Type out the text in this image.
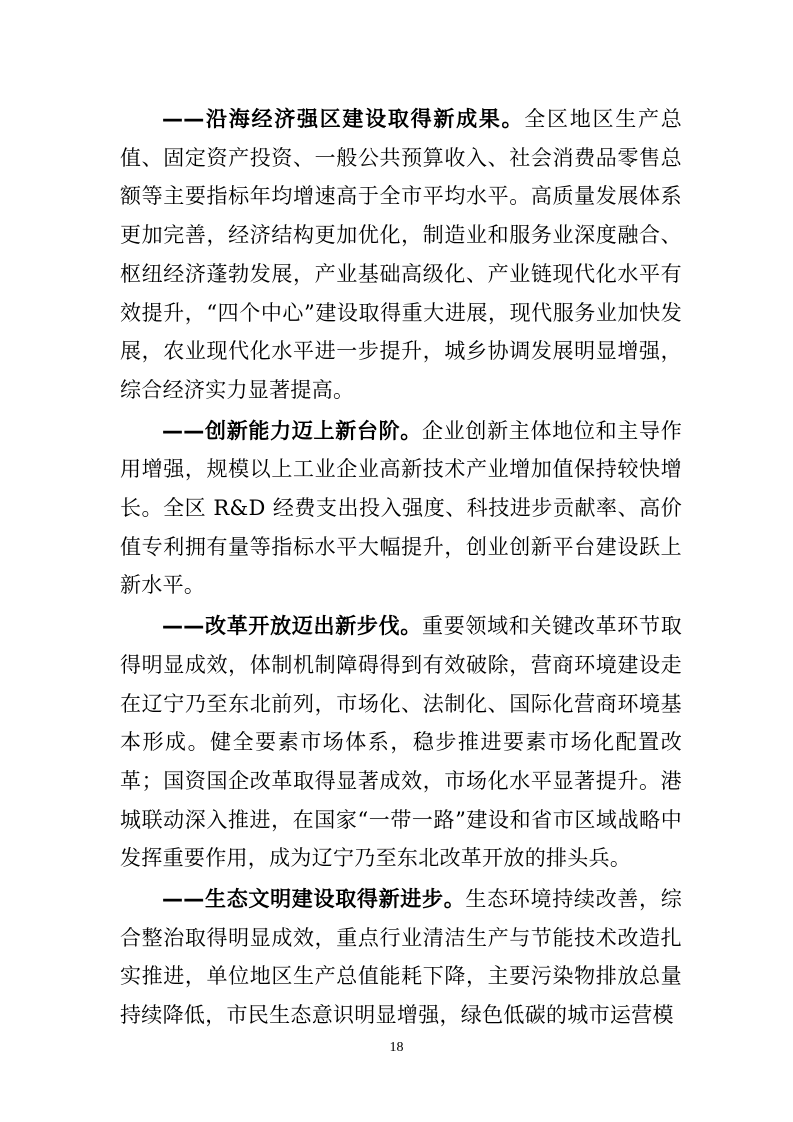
——沿海经济强区建设取得新成果。全区地区生产总值、固定资产投资、一般公共预算收入、社会消费品零售总额等主要指标年均增速高于全市平均水平。高质量发展体系更加完善，经济结构更加优化，制造业和服务业深度融合、枢纽经济蓬勃发展，产业基础高级化、产业链现代化水平有效提升，“四个中心”建设取得重大进展，现代服务业加快发展，农业现代化水平进一步提升，城乡协调发展明显增强，综合经济实力显著提高。

——创新能力迈上新台阶。企业创新主体地位和主导作用增强，规模以上工业企业高新技术产业增加值保持较快增长。全区 R&D 经费支出投入强度、科技进步贡献率、高价值专利拥有量等指标水平大幅提升，创业创新平台建设跃上新水平。

——改革开放迈出新步伐。重要领域和关键改革环节取得明显成效，体制机制障碍得到有效破除，营商环境建设走在辽宁乃至东北前列，市场化、法制化、国际化营商环境基本形成。健全要素市场体系，稳步推进要素市场化配置改革；国资国企改革取得显著成效，市场化水平显著提升。港城联动深入推进，在国家“一带一路”建设和省市区域战略中发挥重要作用，成为辽宁乃至东北改革开放的排头兵。

——生态文明建设取得新进步。生态环境持续改善，综合整治取得明显成效，重点行业清洁生产与节能技术改造扎实推进，单位地区生产总值能耗下降，主要污染物排放总量持续降低，市民生态意识明显增强，绿色低碳的城市运营模

18
